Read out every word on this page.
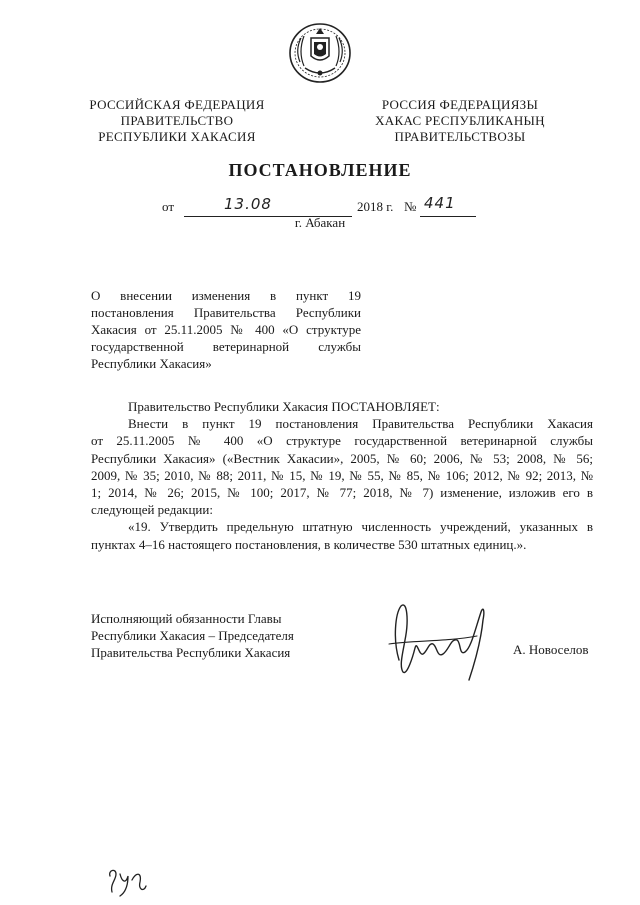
РОССИЙСКАЯ ФЕДЕРАЦИЯ
ПРАВИТЕЛЬСТВО
РЕСПУБЛИКИ ХАКАСИЯ
РОССИЯ ФЕДЕРАЦИЯЗЫ
ХАКАС РЕСПУБЛИКАНЫҢ
ПРАВИТЕЛЬСТВОЗЫ
ПОСТАНОВЛЕНИЕ
от	13.08	2018 г. № 441
г. Абакан
О внесении изменения в пункт 19
постановления Правительства Республики
Хакасия от 25.11.2005 № 400 «О структуре
государственной ветеринарной службы
Республики Хакасия»

Правительство Республики Хакасия ПОСТАНОВЛЯЕТ:

Внести в пункт 19 постановления Правительства Республики Хакасия

от 25.11.2005 № 400 «О структуре государственной ветеринарной службы

Республики Хакасия» («Вестник Хакасии», 2005, № 60; 2006, № 53; 2008, № 56;

2009, № 35; 2010, № 88; 2011, № 15, № 19, № 55, № 85, № 106; 2012, № 92; 2013, №

1; 2014, № 26; 2015, № 100; 2017, № 77; 2018, № 7) изменение, изложив его в

следующей редакции:

«19. Утвердить предельную штатную численность учреждений, указанных в

пунктах 4–16 настоящего постановления, в количестве 530 штатных единиц.».

Исполняющий обязанности Главы
Республики Хакасия – Председателя
Правительства Республики Хакасия	А. Новоселов
